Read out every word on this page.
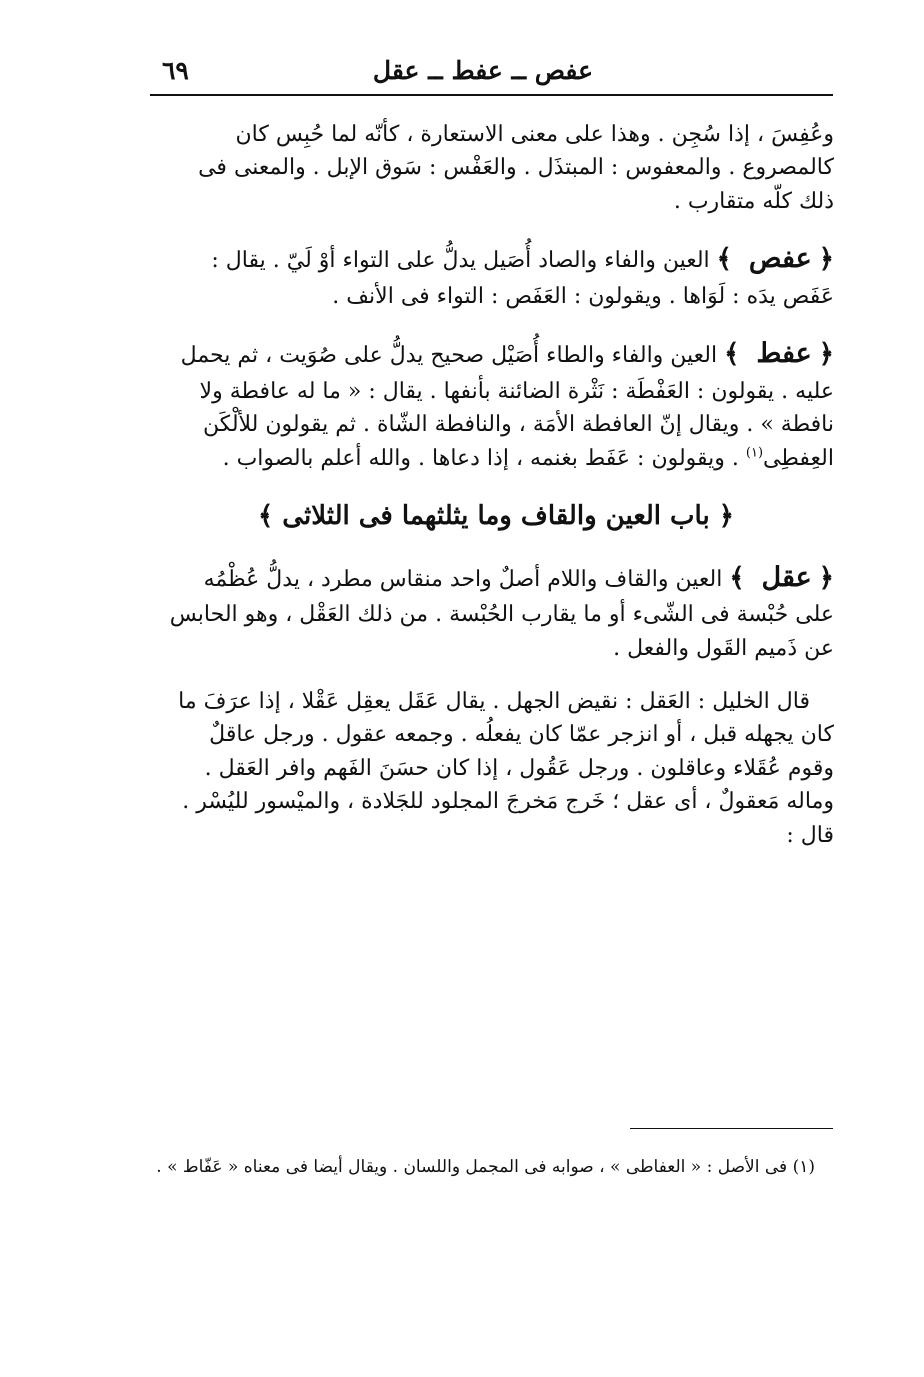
عفص ــ عفط ــ عقل
٦٩

وعُفِسَ ، إذا سُجِن . وهذا على معنى الاستعارة ، كأنّه لما حُبِس كان كالمصروع . والمعفوس : المبتذَل . والعَفْس : سَوق الإبل . والمعنى فى ذلك كلّه متقارب .

﴿ عفص ﴾ العين والفاء والصاد أُصَيل يدلُّ على التواء أوْ لَيّ . يقال : عَفَص يدَه : لَوَاها . ويقولون : العَفَص : التواء فى الأنف .

﴿ عفط ﴾ العين والفاء والطاء أُصَيْل صحيح يدلُّ على صُوَيت ، ثم يحمل عليه . يقولون : العَفْطَة : نَثْرة الضائنة بأنفها . يقال : « ما له عافطة ولا نافطة » . ويقال إنّ العافطة الأمَة ، والنافطة الشّاة . ثم يقولون للألْكَن العِفطِى$^{(١)}$ . ويقولون : عَفَط بغنمه ، إذا دعاها . والله أعلم بالصواب .

﴿ باب العين والقاف وما يثلثهما فى الثلاثى ﴾

﴿ عقل ﴾ العين والقاف واللام أصلٌ واحد منقاس مطرد ، يدلُّ عُظْمُه على حُبْسة فى الشّىء أو ما يقارب الحُبْسة . من ذلك العَقْل ، وهو الحابس عن ذَميم القَول والفعل .

قال الخليل : العَقل : نقيض الجهل . يقال عَقَل يعقِل عَقْلا ، إذا عرَفَ ما كان يجهله قبل ، أو انزجر عمّا كان يفعلُه . وجمعه عقول . ورجل عاقلٌ وقوم عُقَلاء وعاقلون . ورجل عَقُول ، إذا كان حسَنَ الفَهم وافر العَقل . وماله مَعقولٌ ، أى عقل ؛ خَرج مَخرجَ المجلود للجَلادة ، والميْسور لليُسْر . قال :

(١) فى الأصل : « العفاطى » ، صوابه فى المجمل واللسان . ويقال أيضا فى معناه « عَفّاط » .
